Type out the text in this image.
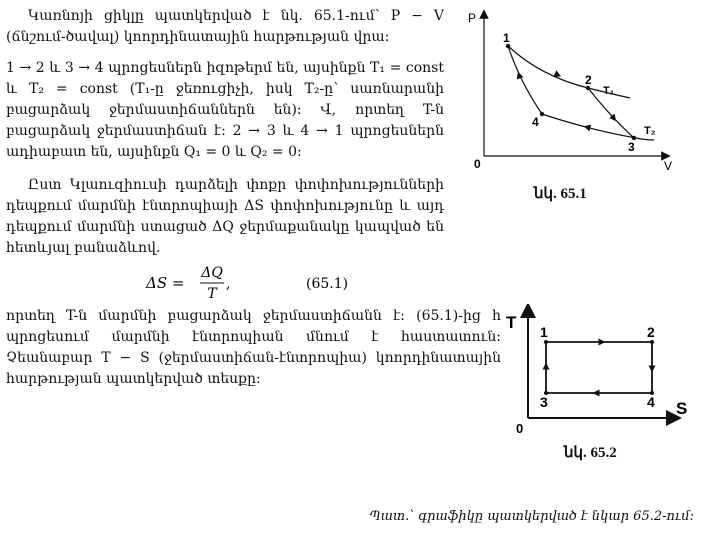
Կառնոյի ցիկլը պատկերված է նկ. 65.1-ում՝ P − V (ճնշում-ծավալ) կոորդինատային հարթության վրա:
1 → 2 և 3 → 4 պրոցեսներն իզոթերմ են, այսինքն T₁ = const և T₂ = const (T₁-ը ջեռուցիչի, իսկ T₂-ը՝ սառնարանի բացարձակ ջերմաստիճաններն են): Վ, որտեղ T-ն բացարձակ ջերմաստիճան է: 2 → 3 և 4 → 1 պրոցեսներն ադիաբատ են, այսինքն Q₁ = 0 և Q₂ = 0:
Ըստ Կլաուզիուսի դարձելի փոքր փոփոխությունների դեպքում մարմնի էնտրոպիայի ΔS փոփոխությունը և այդ դեպքում մարմնի ստացած ΔQ ջերմաքանակը կապված են հետևյալ բանաձևով.
ΔS =
ΔQ
T
,	(65.1)
որտեղ T-ն մարմնի բացարձակ ջերմաստիճանն է: (65.1)-ից h պրոցեսում մարմնի էնտրոպիան մնում է հաստատուն: Չեանաբար T − S (ջերմաստիճան-էնտրոպիա) կոորդինատային հարթության պատկերված տեսքը:
P
V
0
1
2
3
4
T₁
T₂
նկ. 65.1
T
S
0
1	2
3	4
նկ. 65.2
Պատ.՝ գրաֆիկը պատկերված է նկար 65.2-ում:
